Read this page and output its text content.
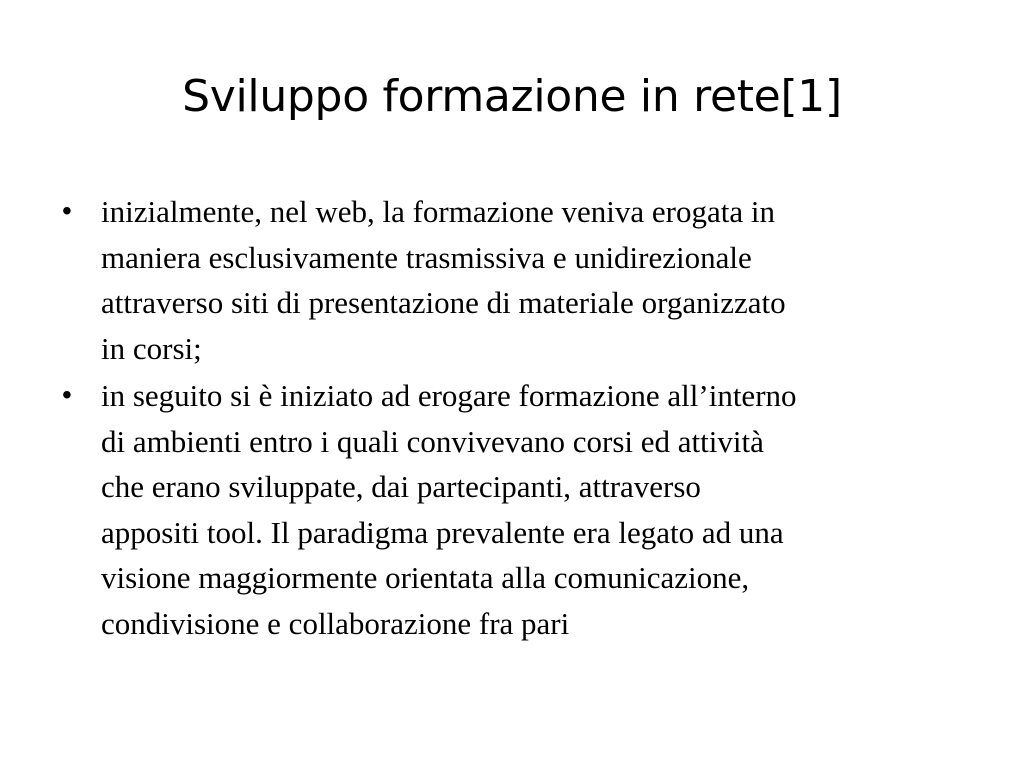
Sviluppo formazione in rete[1]
• inizialmente, nel web, la formazione veniva erogata in
maniera esclusivamente trasmissiva e unidirezionale
attraverso siti di presentazione di materiale organizzato
in corsi;
• in seguito si è iniziato ad erogare formazione all’interno
di ambienti entro i quali convivevano corsi ed attività
che erano sviluppate, dai partecipanti, attraverso
appositi tool. Il paradigma prevalente era legato ad una
visione maggiormente orientata alla comunicazione,
condivisione e collaborazione fra pari
